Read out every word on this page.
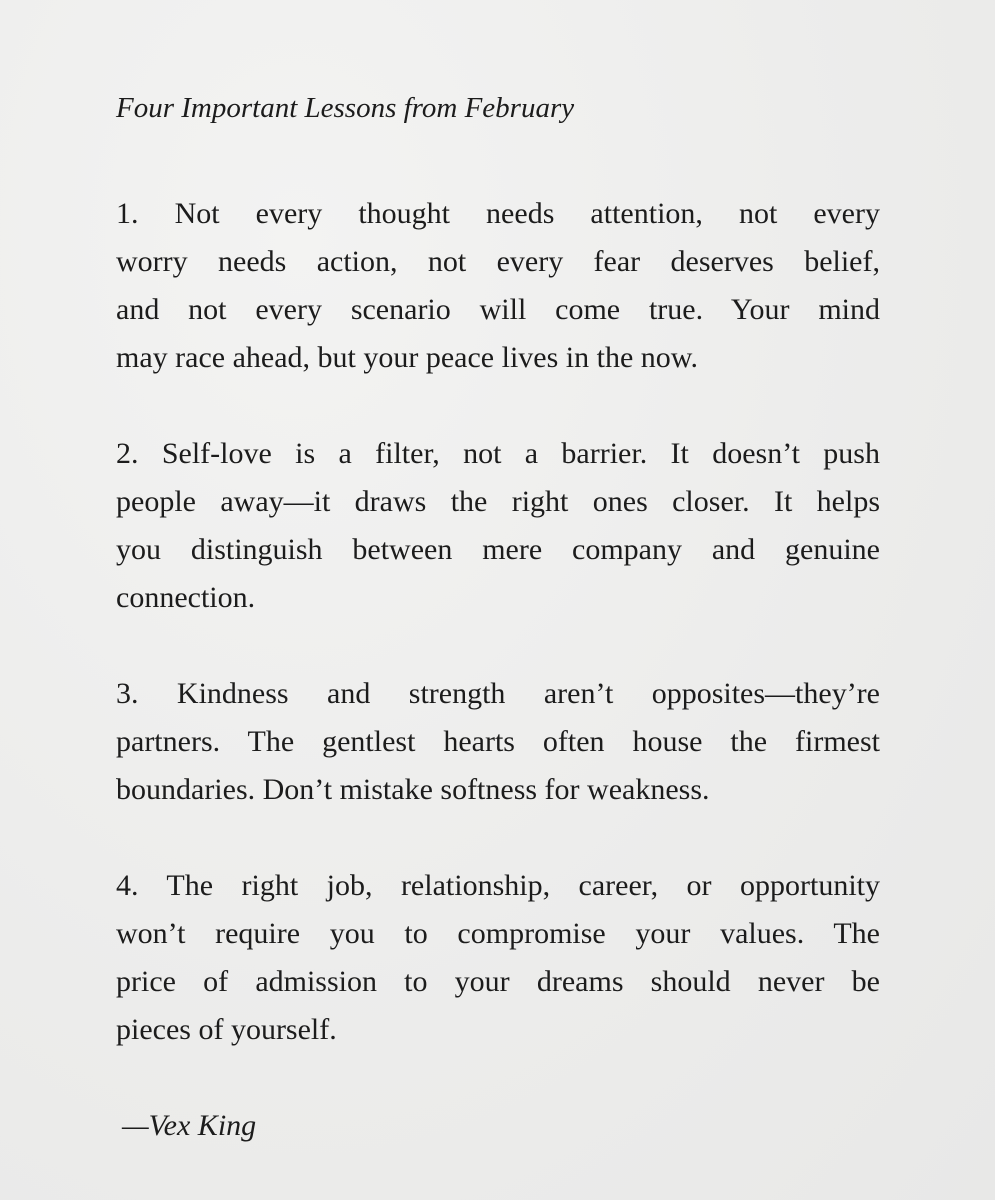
Four Important Lessons from February
1. Not every thought needs attention, not every
worry needs action, not every fear deserves belief,
and not every scenario will come true. Your mind
may race ahead, but your peace lives in the now.
2. Self-love is a filter, not a barrier. It doesn’t push
people away—it draws the right ones closer. It helps
you distinguish between mere company and genuine
connection.
3. Kindness and strength aren’t opposites—they’re
partners. The gentlest hearts often house the firmest
boundaries. Don’t mistake softness for weakness.
4. The right job, relationship, career, or opportunity
won’t require you to compromise your values. The
price of admission to your dreams should never be
pieces of yourself.
—Vex King
